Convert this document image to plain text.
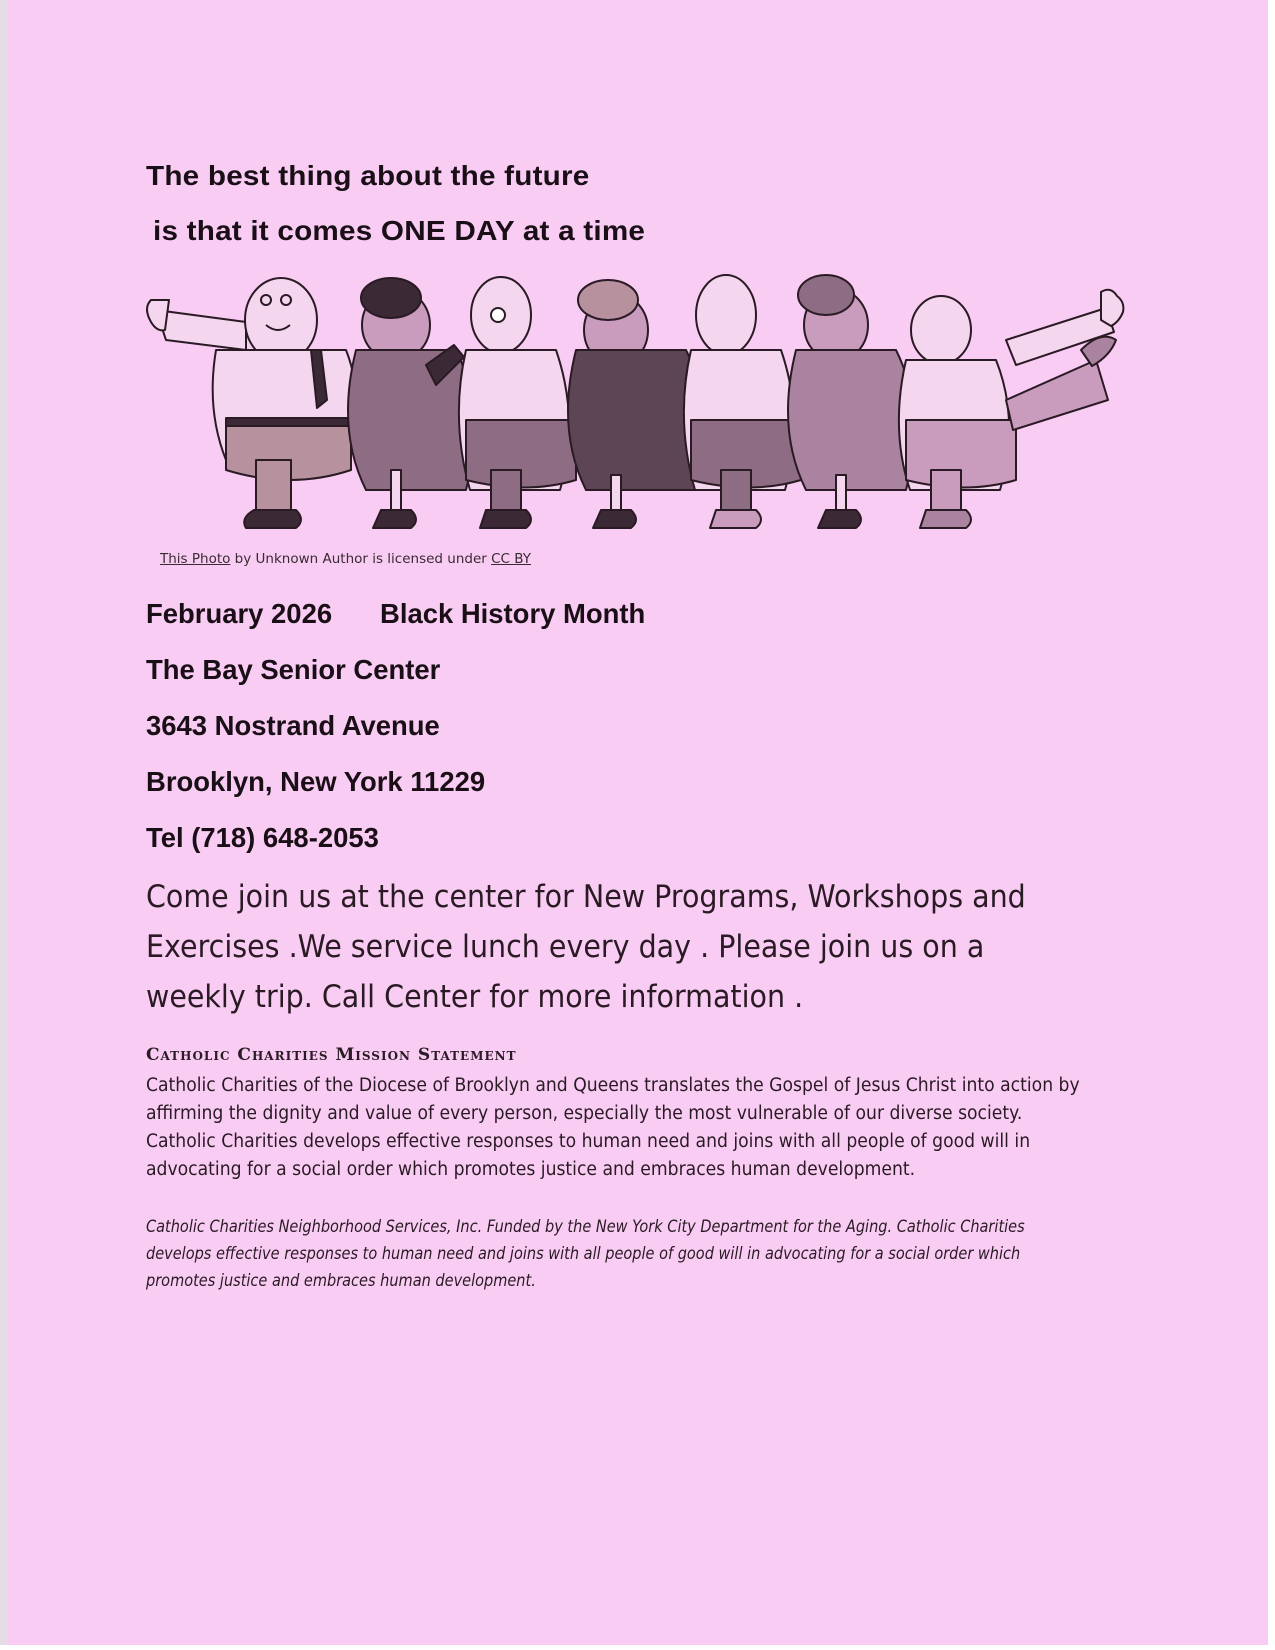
The best thing about the future
is that it comes ONE DAY at a time
This Photo by Unknown Author is licensed under CC BY
February 2026 Black History Month
The Bay Senior Center
3643 Nostrand Avenue
Brooklyn, New York 11229
Tel (718) 648-2053

Come join us at the center for New Programs, Workshops and Exercises .We service lunch every day . Please join us on a weekly trip. Call Center for more information .

Catholic Charities Mission Statement

Catholic Charities of the Diocese of Brooklyn and Queens translates the Gospel of Jesus Christ into action by affirming the dignity and value of every person, especially the most vulnerable of our diverse society. Catholic Charities develops effective responses to human need and joins with all people of good will in advocating for a social order which promotes justice and embraces human development.

Catholic Charities Neighborhood Services, Inc. Funded by the New York City Department for the Aging. Catholic Charities develops effective responses to human need and joins with all people of good will in advocating for a social order which promotes justice and embraces human development.
